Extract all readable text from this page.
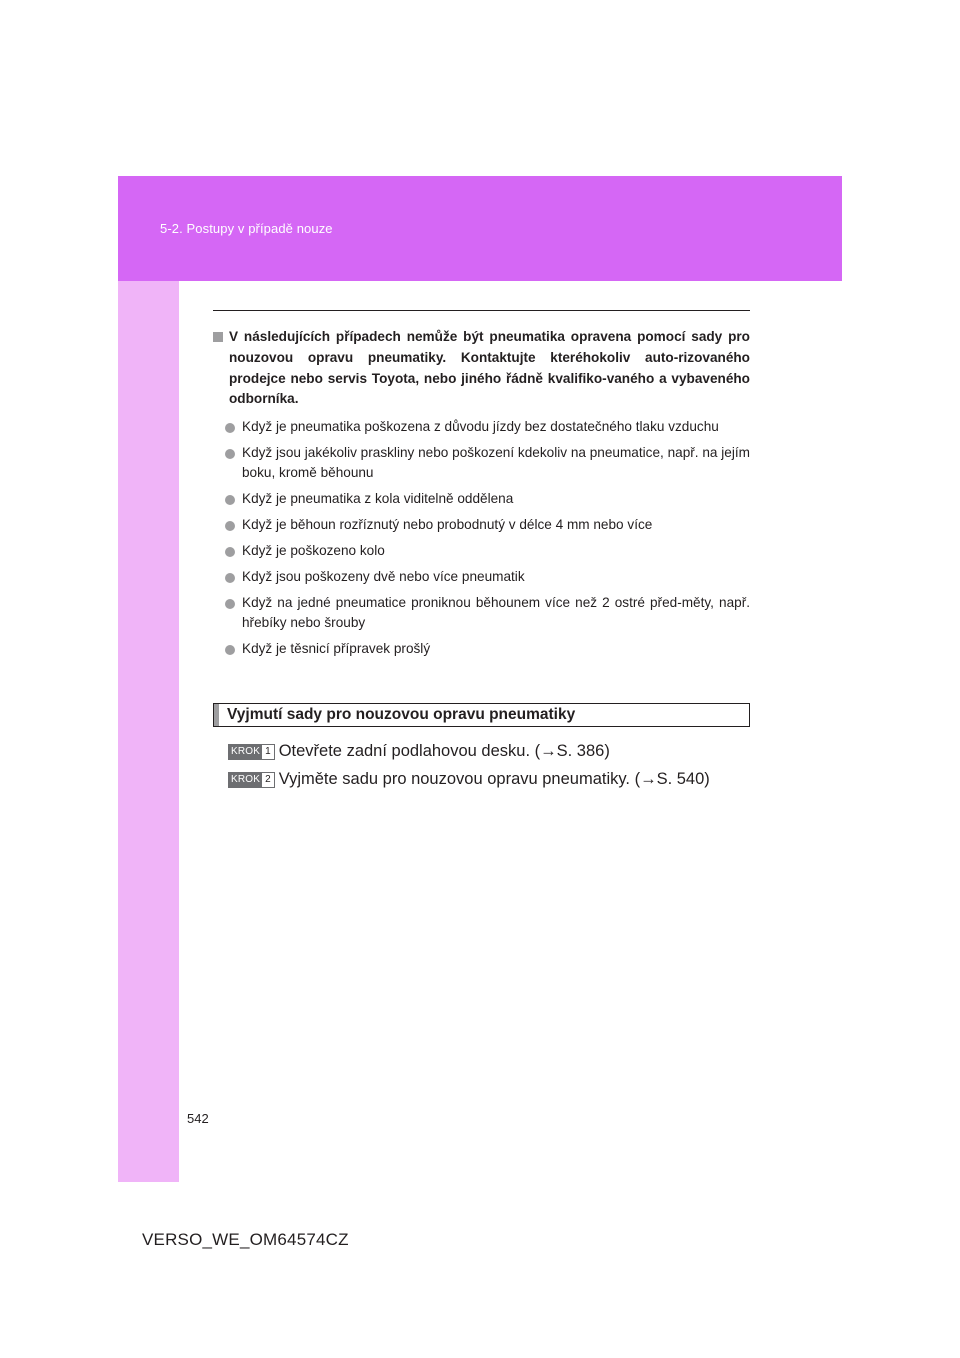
5-2. Postupy v případě nouze
V následujících případech nemůže být pneumatika opravena pomocí sady pro nouzovou opravu pneumatiky. Kontaktujte kteréhokoliv auto-rizovaného prodejce nebo servis Toyota, nebo jiného řádně kvalifiko-vaného a vybaveného odborníka.
Když je pneumatika poškozena z důvodu jízdy bez dostatečného tlaku vzduchu
Když jsou jakékoliv praskliny nebo poškození kdekoliv na pneumatice, např. na jejím boku, kromě běhounu
Když je pneumatika z kola viditelně oddělena
Když je běhoun rozříznutý nebo probodnutý v délce 4 mm nebo více
Když je poškozeno kolo
Když jsou poškozeny dvě nebo více pneumatik
Když na jedné pneumatice proniknou běhounem více než 2 ostré před-měty, např. hřebíky nebo šrouby
Když je těsnicí přípravek prošlý
Vyjmutí sady pro nouzovou opravu pneumatiky
KROK 1 Otevřete zadní podlahovou desku. (→S. 386)
KROK 2 Vyjměte sadu pro nouzovou opravu pneumatiky. (→S. 540)
542
VERSO_WE_OM64574CZ
